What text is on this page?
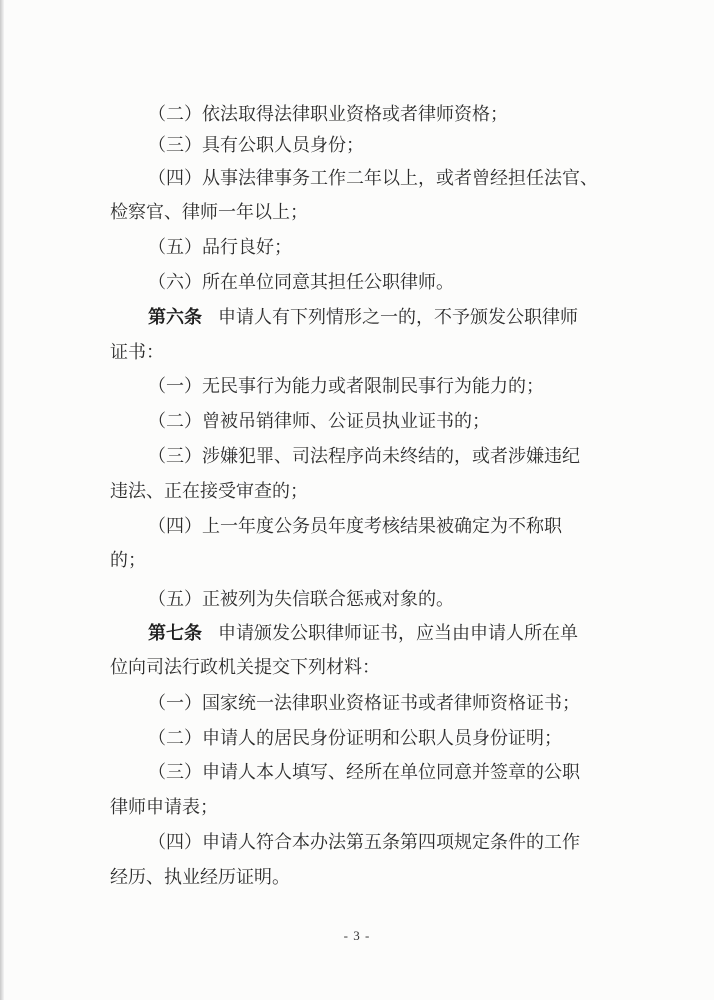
（二）依法取得法律职业资格或者律师资格；
（三）具有公职人员身份；
（四）从事法律事务工作二年以上，或者曾经担任法官、
检察官、律师一年以上；
（五）品行良好；
（六）所在单位同意其担任公职律师。
第六条 申请人有下列情形之一的，不予颁发公职律师
证书：
（一）无民事行为能力或者限制民事行为能力的；
（二）曾被吊销律师、公证员执业证书的；
（三）涉嫌犯罪、司法程序尚未终结的，或者涉嫌违纪
违法、正在接受审查的；
（四）上一年度公务员年度考核结果被确定为不称职
的；
（五）正被列为失信联合惩戒对象的。
第七条 申请颁发公职律师证书，应当由申请人所在单
位向司法行政机关提交下列材料：
（一）国家统一法律职业资格证书或者律师资格证书；
（二）申请人的居民身份证明和公职人员身份证明；
（三）申请人本人填写、经所在单位同意并签章的公职
律师申请表；
（四）申请人符合本办法第五条第四项规定条件的工作
经历、执业经历证明。
- 3 -
